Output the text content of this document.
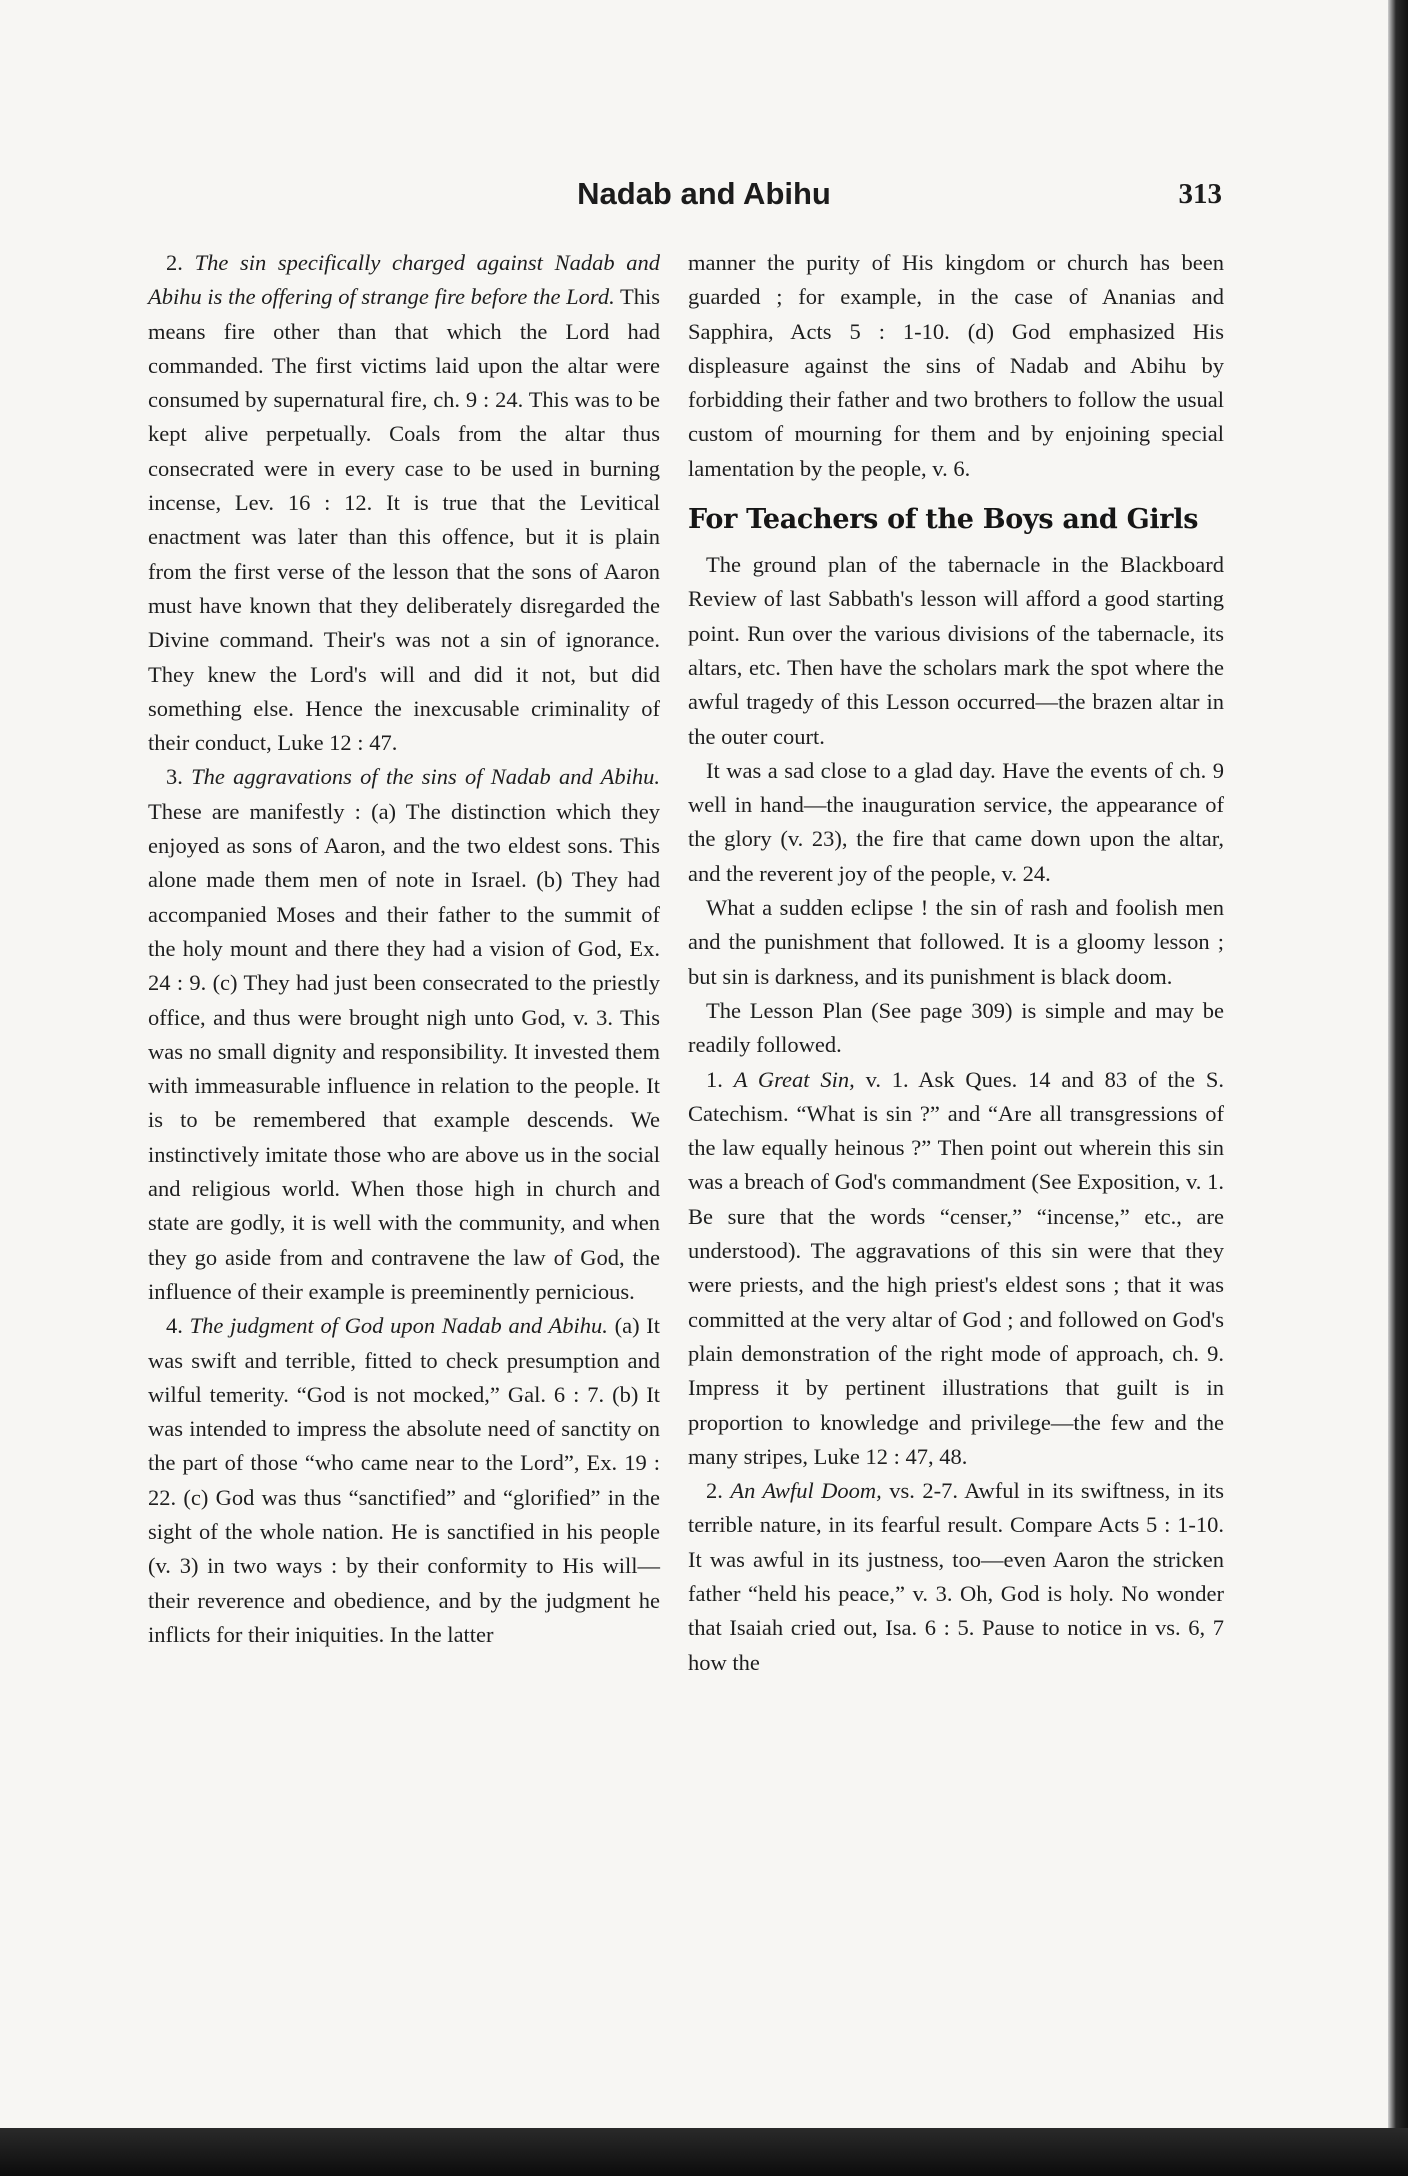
Nadab and Abihu	313

2. The sin specifically charged against Nadab and Abihu is the offering of strange fire before the Lord. This means fire other than that which the Lord had commanded. The first victims laid upon the altar were consumed by supernatural fire, ch. 9 : 24. This was to be kept alive perpetually. Coals from the altar thus consecrated were in every case to be used in burning incense, Lev. 16 : 12. It is true that the Levitical enactment was later than this offence, but it is plain from the first verse of the lesson that the sons of Aaron must have known that they deliberately disregarded the Divine command. Their's was not a sin of ignorance. They knew the Lord's will and did it not, but did something else. Hence the inexcusable criminality of their conduct, Luke 12 : 47.

3. The aggravations of the sins of Nadab and Abihu. These are manifestly : (a) The distinction which they enjoyed as sons of Aaron, and the two eldest sons. This alone made them men of note in Israel. (b) They had accompanied Moses and their father to the summit of the holy mount and there they had a vision of God, Ex. 24 : 9. (c) They had just been consecrated to the priestly office, and thus were brought nigh unto God, v. 3. This was no small dignity and responsibility. It invested them with immeasurable influence in relation to the people. It is to be remembered that example descends. We instinctively imitate those who are above us in the social and religious world. When those high in church and state are godly, it is well with the community, and when they go aside from and contravene the law of God, the influence of their example is preeminently pernicious.

4. The judgment of God upon Nadab and Abihu. (a) It was swift and terrible, fitted to check presumption and wilful temerity. “God is not mocked,” Gal. 6 : 7. (b) It was intended to impress the absolute need of sanctity on the part of those “who came near to the Lord”, Ex. 19 : 22. (c) God was thus “sanctified” and “glorified” in the sight of the whole nation. He is sanctified in his people (v. 3) in two ways : by their conformity to His will—their reverence and obedience, and by the judgment he inflicts for their iniquities. In the latter

manner the purity of His kingdom or church has been guarded ; for example, in the case of Ananias and Sapphira, Acts 5 : 1-10. (d) God emphasized His displeasure against the sins of Nadab and Abihu by forbidding their father and two brothers to follow the usual custom of mourning for them and by enjoining special lamentation by the people, v. 6.

For Teachers of the Boys and Girls

The ground plan of the tabernacle in the Blackboard Review of last Sabbath's lesson will afford a good starting point. Run over the various divisions of the tabernacle, its altars, etc. Then have the scholars mark the spot where the awful tragedy of this Lesson occurred—the brazen altar in the outer court.

It was a sad close to a glad day. Have the events of ch. 9 well in hand—the inauguration service, the appearance of the glory (v. 23), the fire that came down upon the altar, and the reverent joy of the people, v. 24.

What a sudden eclipse ! the sin of rash and foolish men and the punishment that followed. It is a gloomy lesson ; but sin is darkness, and its punishment is black doom.

The Lesson Plan (See page 309) is simple and may be readily followed.

1. A Great Sin, v. 1. Ask Ques. 14 and 83 of the S. Catechism. “What is sin ?” and “Are all transgressions of the law equally heinous ?” Then point out wherein this sin was a breach of God's commandment (See Exposition, v. 1. Be sure that the words “censer,” “incense,” etc., are understood). The aggravations of this sin were that they were priests, and the high priest's eldest sons ; that it was committed at the very altar of God ; and followed on God's plain demonstration of the right mode of approach, ch. 9. Impress it by pertinent illustrations that guilt is in proportion to knowledge and privilege—the few and the many stripes, Luke 12 : 47, 48.

2. An Awful Doom, vs. 2-7. Awful in its swiftness, in its terrible nature, in its fearful result. Compare Acts 5 : 1-10. It was awful in its justness, too—even Aaron the stricken father “held his peace,” v. 3. Oh, God is holy. No wonder that Isaiah cried out, Isa. 6 : 5. Pause to notice in vs. 6, 7 how the
